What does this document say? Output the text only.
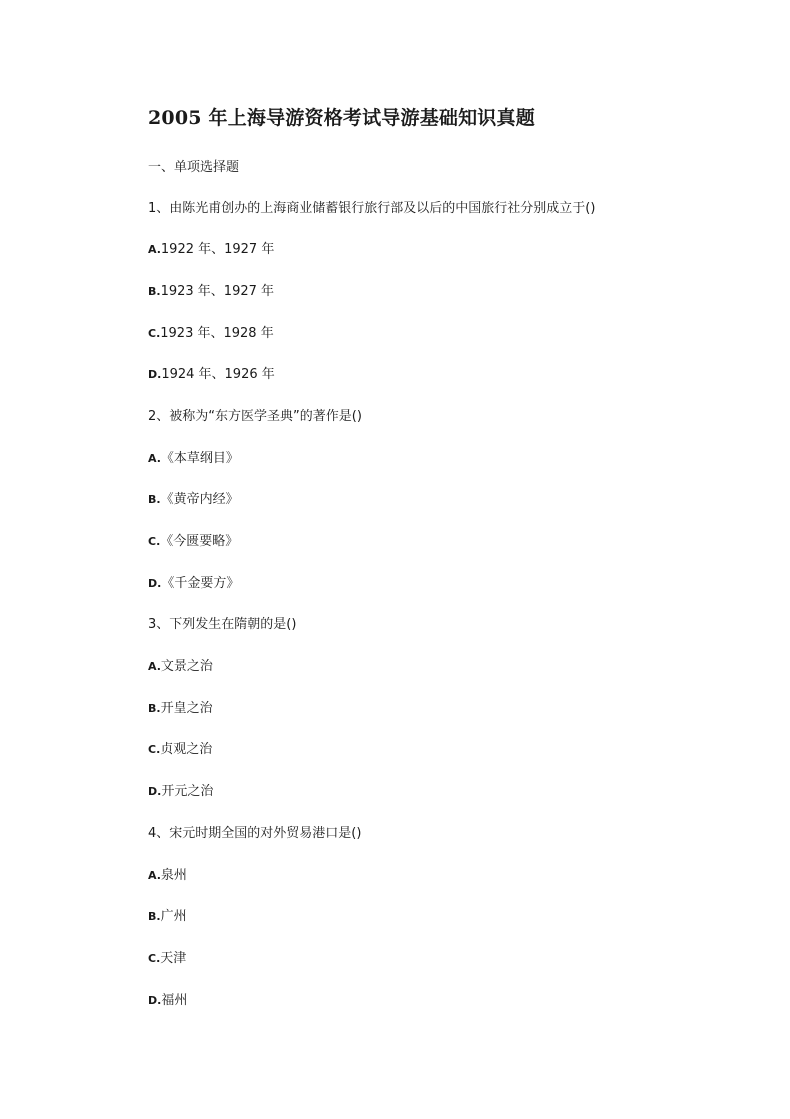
2005 年上海导游资格考试导游基础知识真题
一、单项选择题
1、由陈光甫创办的上海商业储蓄银行旅行部及以后的中国旅行社分别成立于()
A.1922 年、1927 年
B.1923 年、1927 年
C.1923 年、1928 年
D.1924 年、1926 年
2、被称为“东方医学圣典”的著作是()
A.《本草纲目》
B.《黄帝内经》
C.《今匮要略》
D.《千金要方》
3、下列发生在隋朝的是()
A.文景之治
B.开皇之治
C.贞观之治
D.开元之治
4、宋元时期全国的对外贸易港口是()
A.泉州
B.广州
C.天津
D.福州
